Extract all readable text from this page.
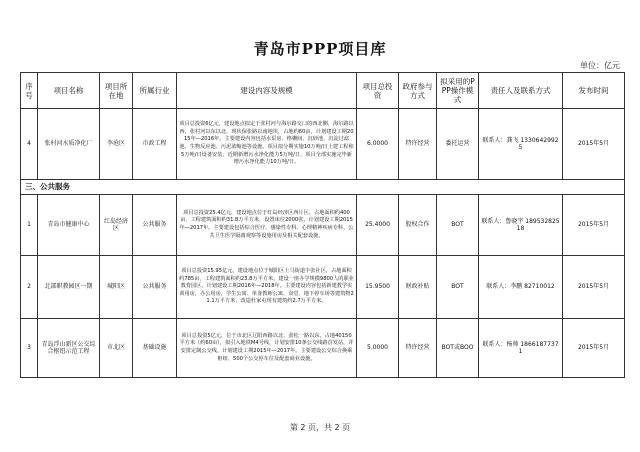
青岛市PPP项目库
单位：亿元
序号	项目名称	项目所在地	所属行业	建设内容及规模	项目总投资	政府参与方式	拟采用的PPP操作模式	责任人及联系方式	发布时间
4	张村河水质净化厂	李沧区	市政工程	项目总投资6亿元，建设地点拟定于张村河与海尔路交口的西北侧，海尔路以西，张村河以东以北，现状保张路以南地块，占地约60亩，计划建设工期2015年—2016年。主要建设内容包括水泵房、格栅间、沉砂池、沉淀过滤池、生物反应池、污泥浓缩池等设施。项目拟分期实施10万吨/日土建工程和5万吨/日设备安装，近期新增污水净化能力5万吨/日，项目全部实施完毕新增污水净化能力10万吨/日。	6.0000	特许经营	委托运营	联系人：龚飞 13306429925	2015年5月
三、公共服务									
1	青岛市健康中心	红岛经济区	公共服务	项目总投资25.4亿元，建设地点位于红岛经济区西片区，占地面积约400亩，工程建筑面积约31.8万平方米，设置床位2000张，计划建设工期2015年—2017年。主要建设包括综合医疗、感染性专科、心理精神疾病专科、公共卫生医学隔离观察等设施用房及相关配套设施。	25.4000	股权合作	BOT	联系人：鲁晓宇 18953282518	2015年5月
2	北部职教园区一期	城阳区	公共服务	项目总投资15.95亿元，建设地点位于城阳区上马街道丰张社区，占地面积约785亩，工程建筑面积约23.8万平方米，建设一座办学规模9800人的职业教育园区，计划建设工期2016年—2018年。主要建设内容包括新建教学实训用房，办公用房，学生公寓、单身教师公寓、食堂、地下停车场等建筑物21.1万平方米，改造杜家屯现有建筑约2.7万平方米。	15.9500	财政补贴	BOT	联系人：李鹏 82710012	2015年5月
3	青岛浮山新区公交综合枢纽示范工程	市北区	基础设施	项目总投资5亿元，位于市北区辽阳西路以北、劲松一路以东，占地40150平方米（约60亩），拟引入地铁M4号线，计划安排10条公交线路首发站，并安排定制公交线，计划建设工期2015年—2017年。主要建设公交综合换乘枢纽、500个公交停车位及配套商业设施。	5.0000	特许经营	BOT或BOO	联系人：杨帅 18661877371	2015年5月
第 2 页，共 2 页
